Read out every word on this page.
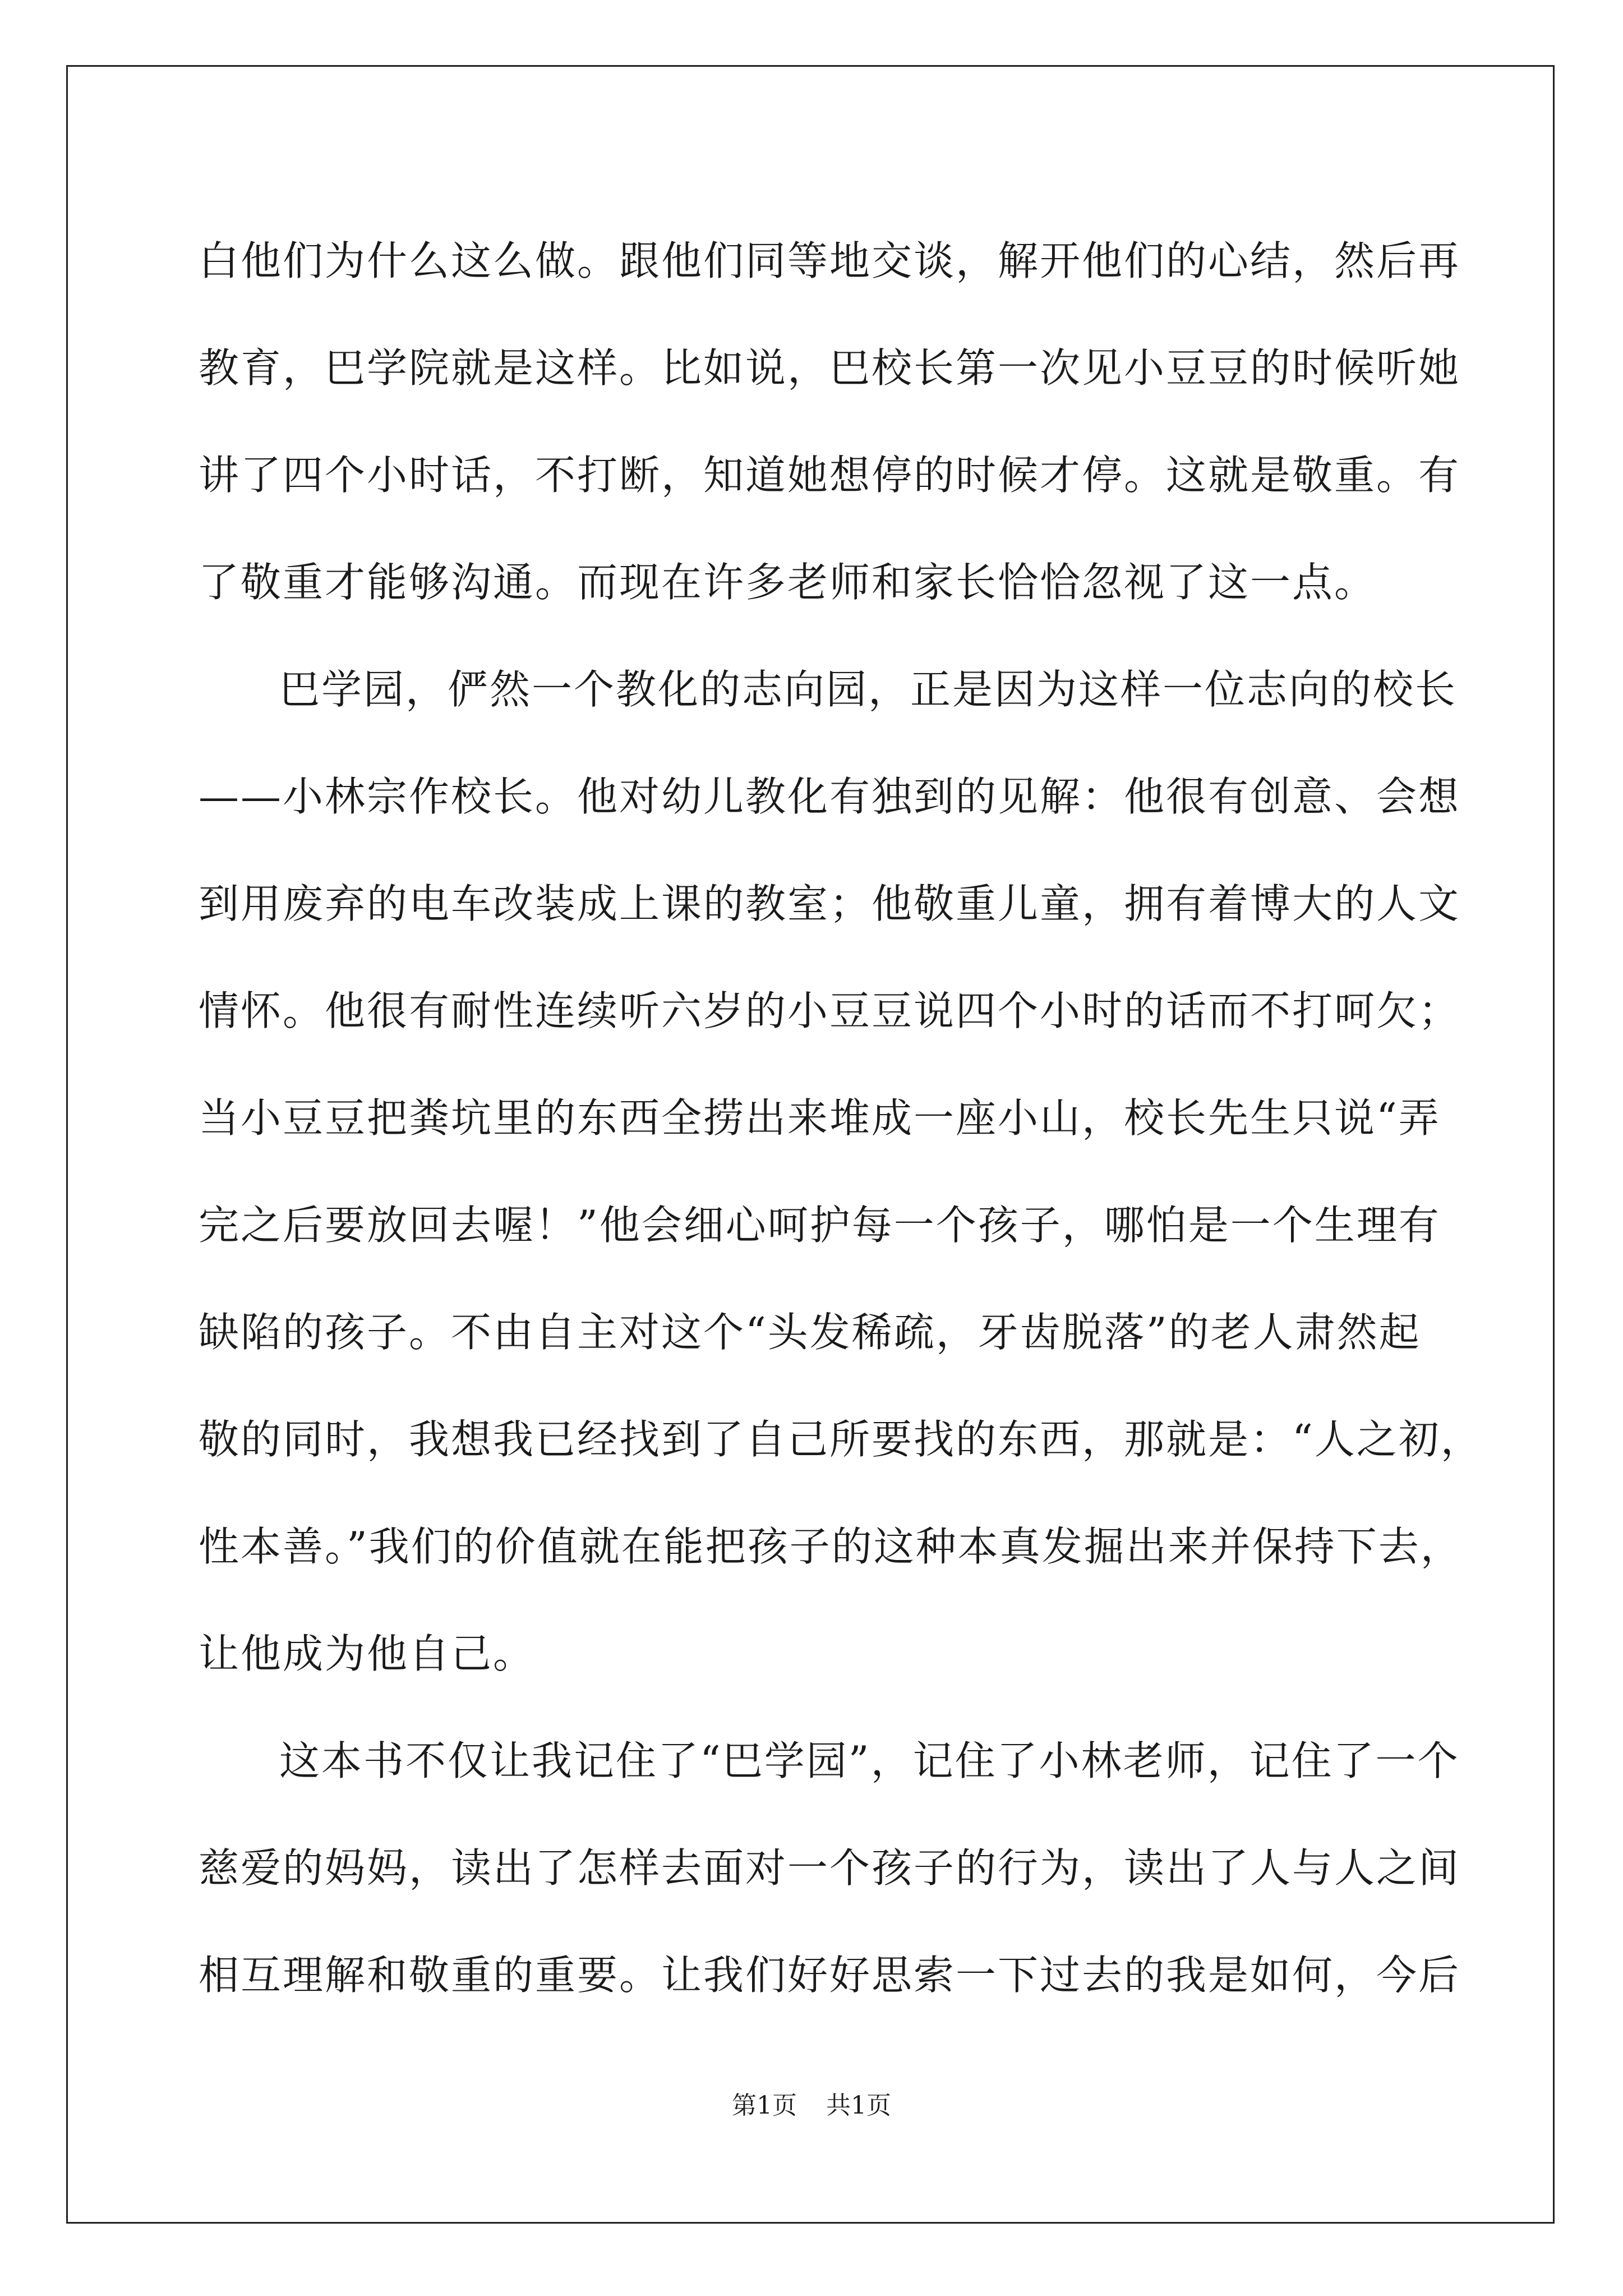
白他们为什么这么做。跟他们同等地交谈，解开他们的心结，然后再
教育，巴学院就是这样。比如说，巴校长第一次见小豆豆的时候听她
讲了四个小时话，不打断，知道她想停的时候才停。这就是敬重。有
了敬重才能够沟通。而现在许多老师和家长恰恰忽视了这一点。

巴学园，俨然一个教化的志向园，正是因为这样一位志向的校长
——小林宗作校长。他对幼儿教化有独到的见解：他很有创意、会想
到用废弃的电车改装成上课的教室；他敬重儿童，拥有着博大的人文
情怀。他很有耐性连续听六岁的小豆豆说四个小时的话而不打呵欠；
当小豆豆把粪坑里的东西全捞出来堆成一座小山，校长先生只说“弄
完之后要放回去喔！”他会细心呵护每一个孩子，哪怕是一个生理有
缺陷的孩子。不由自主对这个“头发稀疏，牙齿脱落”的老人肃然起
敬的同时，我想我已经找到了自己所要找的东西，那就是：“人之初，
性本善。”我们的价值就在能把孩子的这种本真发掘出来并保持下去，
让他成为他自己。

这本书不仅让我记住了“巴学园”，记住了小林老师，记住了一个
慈爱的妈妈，读出了怎样去面对一个孩子的行为，读出了人与人之间
相互理解和敬重的重要。让我们好好思索一下过去的我是如何，今后

第1页 共1页
